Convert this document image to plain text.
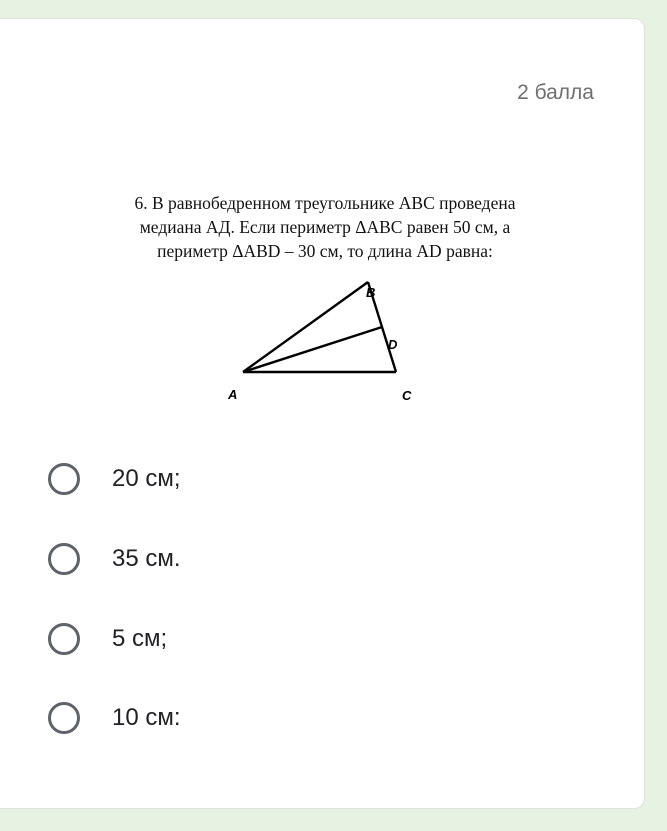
2 балла
6. В равнобедренном треугольнике АВС проведена
медиана АД. Если периметр ΔАВС равен 50 см, а
периметр ΔАВD – 30 см, то длина АD равна:
A
B
C
D
20 см;
35 см.
5 см;
10 см:
